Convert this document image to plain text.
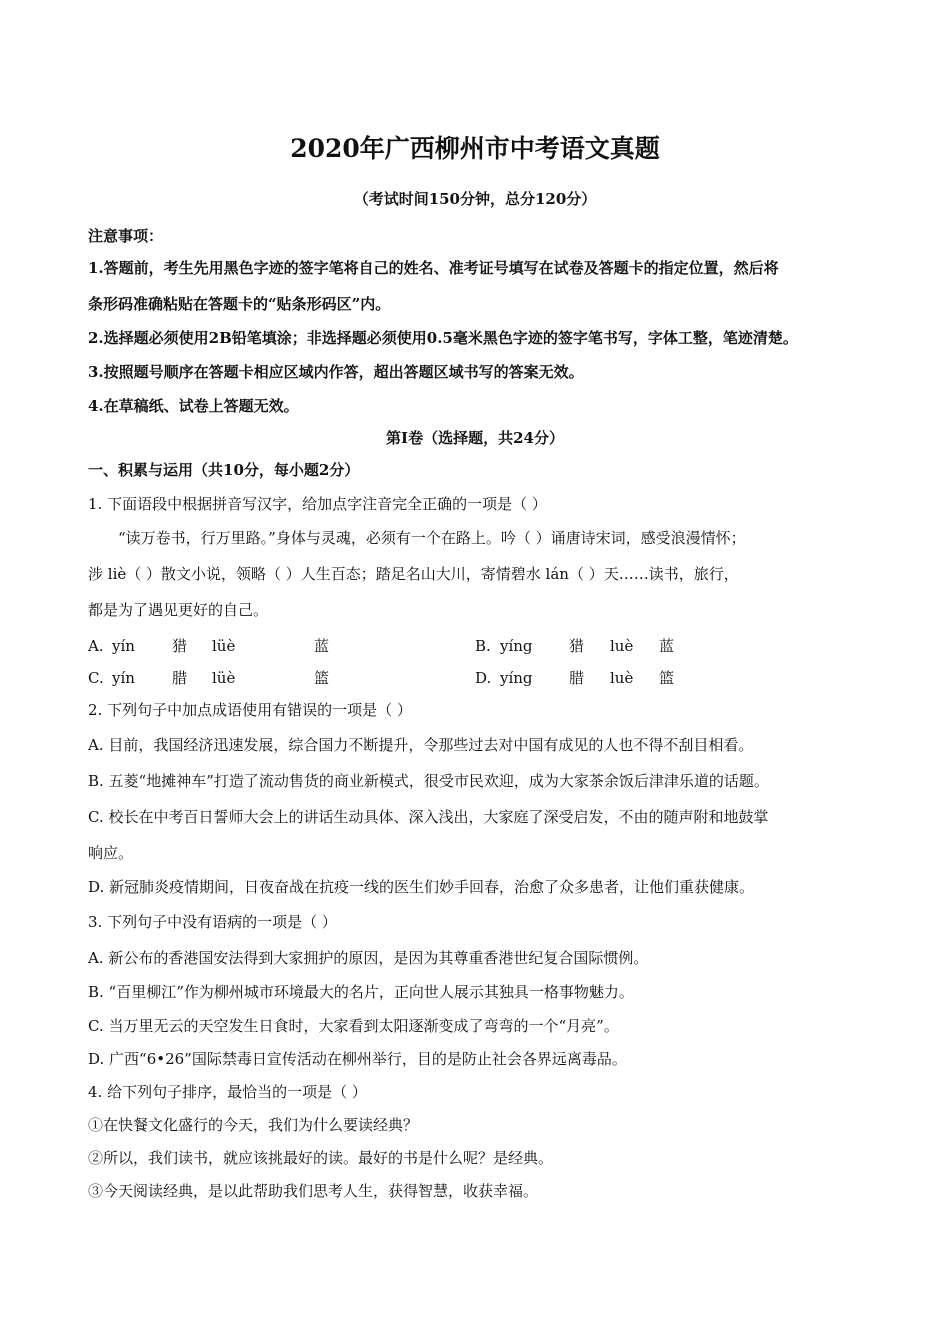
2020年广西柳州市中考语文真题
（考试时间150分钟，总分120分）
注意事项：
1.答题前，考生先用黑色字迹的签字笔将自己的姓名、准考证号填写在试卷及答题卡的指定位置，然后将
条形码准确粘贴在答题卡的“贴条形码区”内。
2.选择题必须使用2B铅笔填涂；非选择题必须使用0.5毫米黑色字迹的签字笔书写，字体工整，笔迹清楚。
3.按照题号顺序在答题卡相应区域内作答，超出答题区域书写的答案无效。
4.在草稿纸、试卷上答题无效。
第Ⅰ卷（选择题，共24分）
一、积累与运用（共10分，每小题2分）
1. 下面语段中根据拼音写汉字，给加点字注音完全正确的一项是（ ）
“读万卷书，行万里路。”身体与灵魂，必须有一个在路上。吟（ ）诵唐诗宋词，感受浪漫情怀；
涉 liè（ ）散文小说，领略（ ）人生百态；踏足名山大川，寄情碧水 lán（ ）天……读书，旅行，
都是为了遇见更好的自己。
A. yín 猎 lüè	蓝	B. yíng 猎 luè 蓝
C. yín 腊 lüè	篮	D. yíng 腊 luè 篮
2. 下列句子中加点成语使用有错误的一项是（ ）
A. 目前，我国经济迅速发展，综合国力不断提升，令那些过去对中国有成见的人也不得不刮目相看。
B. 五菱“地摊神车”打造了流动售货的商业新模式，很受市民欢迎，成为大家茶余饭后津津乐道的话题。
C. 校长在中考百日誓师大会上的讲话生动具体、深入浅出，大家庭了深受启发，不由的随声附和地鼓掌
响应。
D. 新冠肺炎疫情期间，日夜奋战在抗疫一线的医生们妙手回春，治愈了众多患者，让他们重获健康。
3. 下列句子中没有语病的一项是（ ）
A. 新公布的香港国安法得到大家拥护的原因，是因为其尊重香港世纪复合国际惯例。
B. “百里柳江”作为柳州城市环境最大的名片，正向世人展示其独具一格事物魅力。
C. 当万里无云的天空发生日食时，大家看到太阳逐渐变成了弯弯的一个“月亮”。
D. 广西“6•26”国际禁毒日宣传活动在柳州举行，目的是防止社会各界远离毒品。
4. 给下列句子排序，最恰当的一项是（ ）
①在快餐文化盛行的今天，我们为什么要读经典？
②所以，我们读书，就应该挑最好的读。最好的书是什么呢？是经典。
③今天阅读经典，是以此帮助我们思考人生，获得智慧，收获幸福。
